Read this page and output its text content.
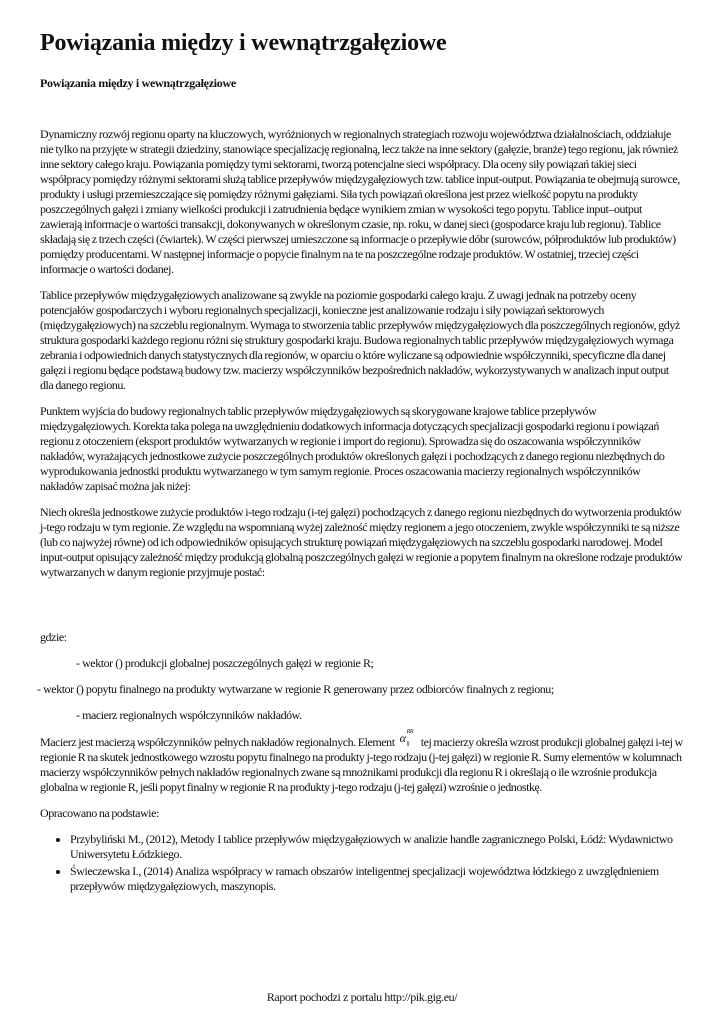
Powiązania między i wewnątrzgałęziowe
Powiązania między i wewnątrzgałęziowe

Dynamiczny rozwój regionu oparty na kluczowych, wyróżnionych w regionalnych strategiach rozwoju województwa działalnościach, oddziałuje nie tylko na przyjęte w strategii dziedziny, stanowiące specjalizację regionalną, lecz także na inne sektory (gałęzie, branże) tego regionu, jak również inne sektory całego kraju. Powiązania pomiędzy tymi sektorami, tworzą potencjalne sieci współpracy. Dla oceny siły powiązań takiej sieci współpracy pomiędzy różnymi sektorami służą tablice przepływów międzygałęziowych tzw. tablice input-output. Powiązania te obejmują surowce, produkty i usługi przemieszczające się pomiędzy różnymi gałęziami. Siła tych powiązań określona jest przez wielkość popytu na produkty poszczególnych gałęzi i zmiany wielkości produkcji i zatrudnienia będące wynikiem zmian w wysokości tego popytu. Tablice input–output zawierają informacje o wartości transakcji, dokonywanych w określonym czasie, np. roku, w danej sieci (gospodarce kraju lub regionu). Tablice składają się z trzech części (ćwiartek). W części pierwszej umieszczone są informacje o przepływie dóbr (surowców, półproduktów lub produktów) pomiędzy producentami. W następnej informacje o popycie finalnym na te na poszczególne rodzaje produktów. W ostatniej, trzeciej części informacje o wartości dodanej.

Tablice przepływów międzygałęziowych analizowane są zwykle na poziomie gospodarki całego kraju. Z uwagi jednak na potrzeby oceny potencjałów gospodarczych i wyboru regionalnych specjalizacji, konieczne jest analizowanie rodzaju i siły powiązań sektorowych (międzygałęziowych) na szczeblu regionalnym. Wymaga to stworzenia tablic przepływów międzygałęziowych dla poszczególnych regionów, gdyż struktura gospodarki każdego regionu różni się struktury gospodarki kraju. Budowa regionalnych tablic przepływów międzygałęziowych wymaga zebrania i odpowiednich danych statystycznych dla regionów, w oparciu o które wyliczane są odpowiednie współczynniki, specyficzne dla danej gałęzi i regionu będące podstawą budowy tzw. macierzy współczynników bezpośrednich nakładów, wykorzystywanych w analizach input output dla danego regionu.

Punktem wyjścia do budowy regionalnych tablic przepływów międzygałęziowych są skorygowane krajowe tablice przepływów międzygałęziowych. Korekta taka polega na uwzględnieniu dodatkowych informacja dotyczących specjalizacji gospodarki regionu i powiązań regionu z otoczeniem (eksport produktów wytwarzanych w regionie i import do regionu). Sprowadza się do oszacowania współczynników nakładów, wyrażających jednostkowe zużycie poszczególnych produktów określonych gałęzi i pochodzących z danego regionu niezbędnych do wyprodukowania jednostki produktu wytwarzanego w tym samym regionie. Proces oszacowania macierzy regionalnych współczynników nakładów zapisać można jak niżej:

Niech określa jednostkowe zużycie produktów i-tego rodzaju (i-tej gałęzi) pochodzących z danego regionu niezbędnych do wytworzenia produktów j-tego rodzaju w tym regionie. Ze względu na wspomnianą wyżej zależność między regionem a jego otoczeniem, zwykle współczynniki te są niższe (lub co najwyżej równe) od ich odpowiedników opisujących strukturę powiązań międzygałęziowych na szczeblu gospodarki narodowej. Model input-output opisujący zależność między produkcją globalną poszczególnych gałęzi w regionie a popytem finalnym na określone rodzaje produktów wytwarzanych w danym regionie przyjmuje postać:

gdzie:

- wektor () produkcji globalnej poszczególnych gałęzi w regionie R;
- wektor () popytu finalnego na produkty wytwarzane w regionie R generowany przez odbiorców finalnych z regionu;
- macierz regionalnych współczynników nakładów.

Macierz jest macierzą współczynników pełnych nakładów regionalnych. Element α RR
ij tej macierzy określa wzrost produkcji globalnej gałęzi i-tej w regionie R na skutek jednostkowego wzrostu popytu finalnego na produkty j-tego rodzaju (j-tej gałęzi) w regionie R. Sumy elementów w kolumnach macierzy współczynników pełnych nakładów regionalnych zwane są mnożnikami produkcji dla regionu R i określają o ile wzrośnie produkcja globalna w regionie R, jeśli popyt finalny w regionie R na produkty j-tego rodzaju (j-tej gałęzi) wzrośnie o jednostkę.

Opracowano na podstawie:

• Przybyliński M., (2012), Metody I tablice przepływów międzygałęziowych w analizie handle zagranicznego Polski, Łódź: Wydawnictwo Uniwersytetu Łódzkiego.
• Świeczewska I., (2014) Analiza współpracy w ramach obszarów inteligentnej specjalizacji województwa łódzkiego z uwzględnieniem przepływów międzygałęziowych, maszynopis.
Raport pochodzi z portalu http://pik.gig.eu/
